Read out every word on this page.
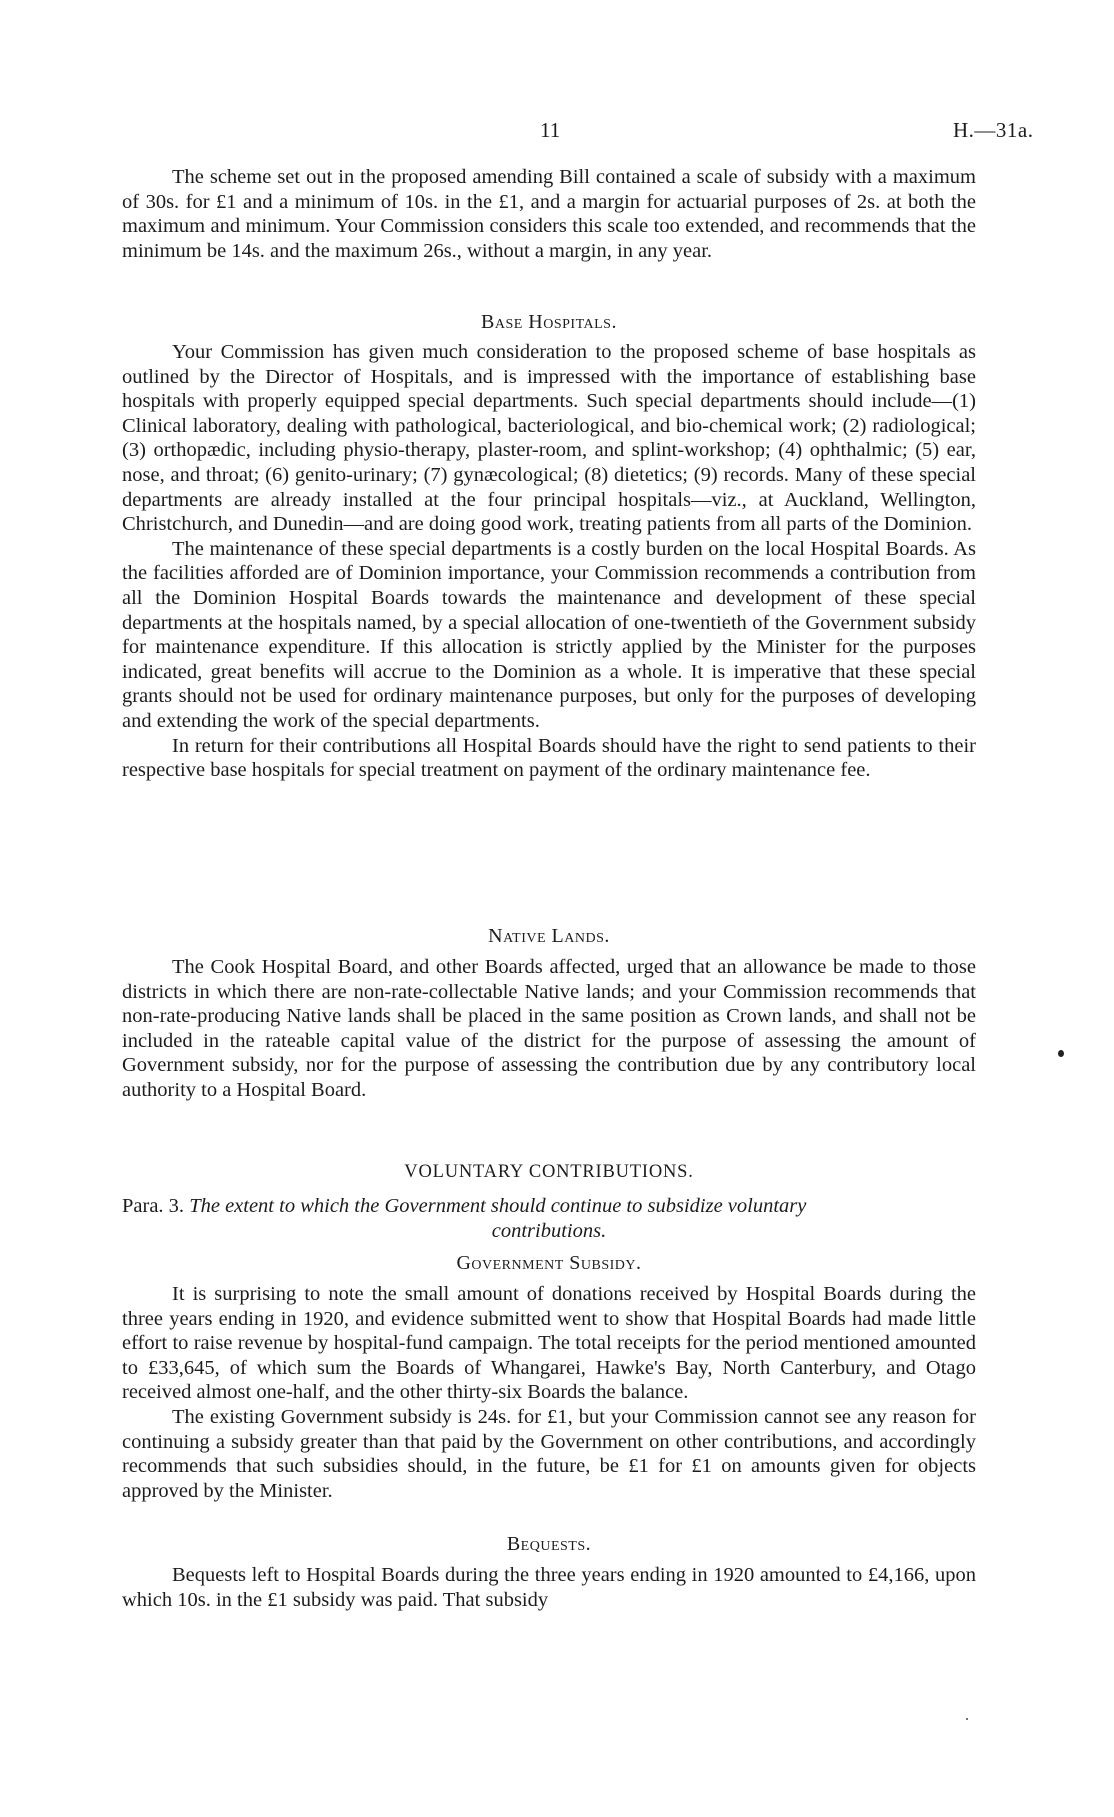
11	H.—31a.

The scheme set out in the proposed amending Bill contained a scale of subsidy with a maximum of 30s. for £1 and a minimum of 10s. in the £1, and a margin for actuarial purposes of 2s. at both the maximum and minimum. Your Commission considers this scale too extended, and recommends that the minimum be 14s. and the maximum 26s., without a margin, in any year.

Base Hospitals.

Your Commission has given much consideration to the proposed scheme of base hospitals as outlined by the Director of Hospitals, and is impressed with the importance of establishing base hospitals with properly equipped special departments. Such special departments should include—(1) Clinical laboratory, dealing with pathological, bacteriological, and bio-chemical work; (2) radiological; (3) orthopædic, including physio-therapy, plaster-room, and splint-workshop; (4) ophthalmic; (5) ear, nose, and throat; (6) genito-urinary; (7) gynæcological; (8) dietetics; (9) records. Many of these special departments are already installed at the four principal hospitals—viz., at Auckland, Wellington, Christchurch, and Dunedin—and are doing good work, treating patients from all parts of the Dominion.

The maintenance of these special departments is a costly burden on the local Hospital Boards. As the facilities afforded are of Dominion importance, your Commission recommends a contribution from all the Dominion Hospital Boards towards the maintenance and development of these special departments at the hospitals named, by a special allocation of one-twentieth of the Government subsidy for maintenance expenditure. If this allocation is strictly applied by the Minister for the purposes indicated, great benefits will accrue to the Dominion as a whole. It is imperative that these special grants should not be used for ordinary maintenance purposes, but only for the purposes of developing and extending the work of the special departments.

In return for their contributions all Hospital Boards should have the right to send patients to their respective base hospitals for special treatment on payment of the ordinary maintenance fee.

Native Lands.

The Cook Hospital Board, and other Boards affected, urged that an allowance be made to those districts in which there are non-rate-collectable Native lands; and your Commission recommends that non-rate-producing Native lands shall be placed in the same position as Crown lands, and shall not be included in the rateable capital value of the district for the purpose of assessing the amount of Government subsidy, nor for the purpose of assessing the contribution due by any contributory local authority to a Hospital Board.

VOLUNTARY CONTRIBUTIONS.
Para. 3. The extent to which the Government should continue to subsidize voluntary
contributions.
Government Subsidy.

It is surprising to note the small amount of donations received by Hospital Boards during the three years ending in 1920, and evidence submitted went to show that Hospital Boards had made little effort to raise revenue by hospital-fund campaign. The total receipts for the period mentioned amounted to £33,645, of which sum the Boards of Whangarei, Hawke's Bay, North Canterbury, and Otago received almost one-half, and the other thirty-six Boards the balance.

The existing Government subsidy is 24s. for £1, but your Commission cannot see any reason for continuing a subsidy greater than that paid by the Government on other contributions, and accordingly recommends that such subsidies should, in the future, be £1 for £1 on amounts given for objects approved by the Minister.

Bequests.

Bequests left to Hospital Boards during the three years ending in 1920 amounted to £4,166, upon which 10s. in the £1 subsidy was paid. That subsidy
